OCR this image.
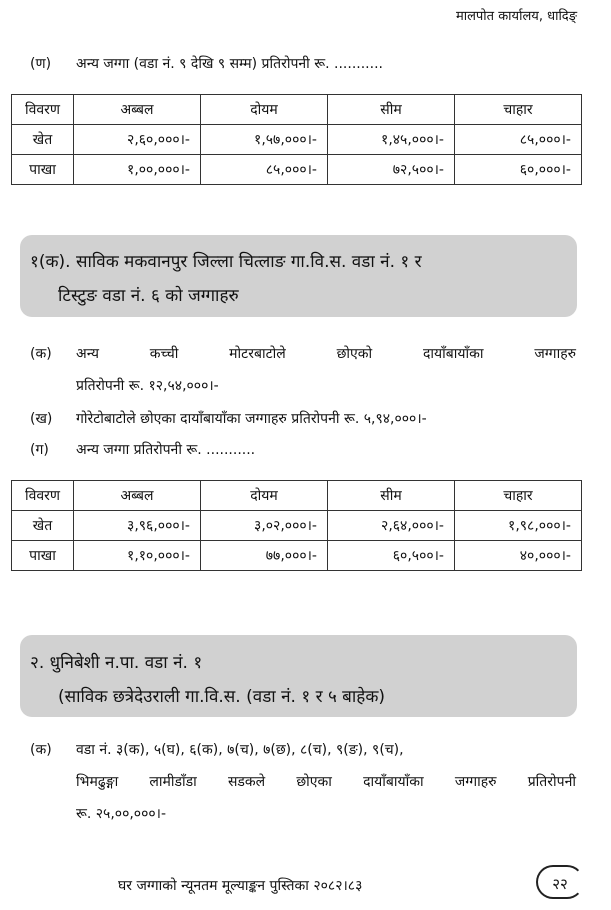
मालपोत कार्यालय, धादिङ्
(ण) अन्य जग्गा (वडा नं. ९ देखि ९ सम्म) प्रतिरोपनी रू. ...........
विवरण	अब्बल	दोयम	सीम	चाहार
खेत	२,६०,०००।-	१,५७,०००।-	१,४५,०००।-	८५,०००।-
पाखा	१,००,०००।-	८५,०००।-	७२,५००।-	६०,०००।-
१(क). साविक मकवानपुर जिल्ला चित्लाङ गा.वि.स. वडा नं. १ र
टिस्टुङ वडा नं. ६ को जग्गाहरु
(क)	अन्य कच्ची मोटरबाटोले छोएको दायाँबायाँका जग्गाहरु
प्रतिरोपनी रू. १२,५४,०००।-
(ख) गोरेटोबाटोले छोएका दायाँबायाँका जग्गाहरु प्रतिरोपनी रू. ५,९४,०००।-
(ग) अन्य जग्गा प्रतिरोपनी रू. ...........
विवरण	अब्बल	दोयम	सीम	चाहार
खेत	३,९६,०००।-	३,०२,०००।-	२,६४,०००।-	१,९८,०००।-
पाखा	१,१०,०००।-	७७,०००।-	६०,५००।-	४०,०००।-
२. धुनिबेशी न.पा. वडा नं. १
(साविक छत्रेदेउराली गा.वि.स. (वडा नं. १ र ५ बाहेक)
(क)	वडा नं. ३(क), ५(घ), ६(क), ७(च), ७(छ), ८(च), ९(ङ), ९(च),
भिमढुङ्गा लामीडाँडा सडकले छोएका दायाँबायाँका जग्गाहरु प्रतिरोपनी
रू. २५,००,०००।-
घर जग्गाको न्यूनतम मूल्याङ्कन पुस्तिका २०८२।८३	२२
